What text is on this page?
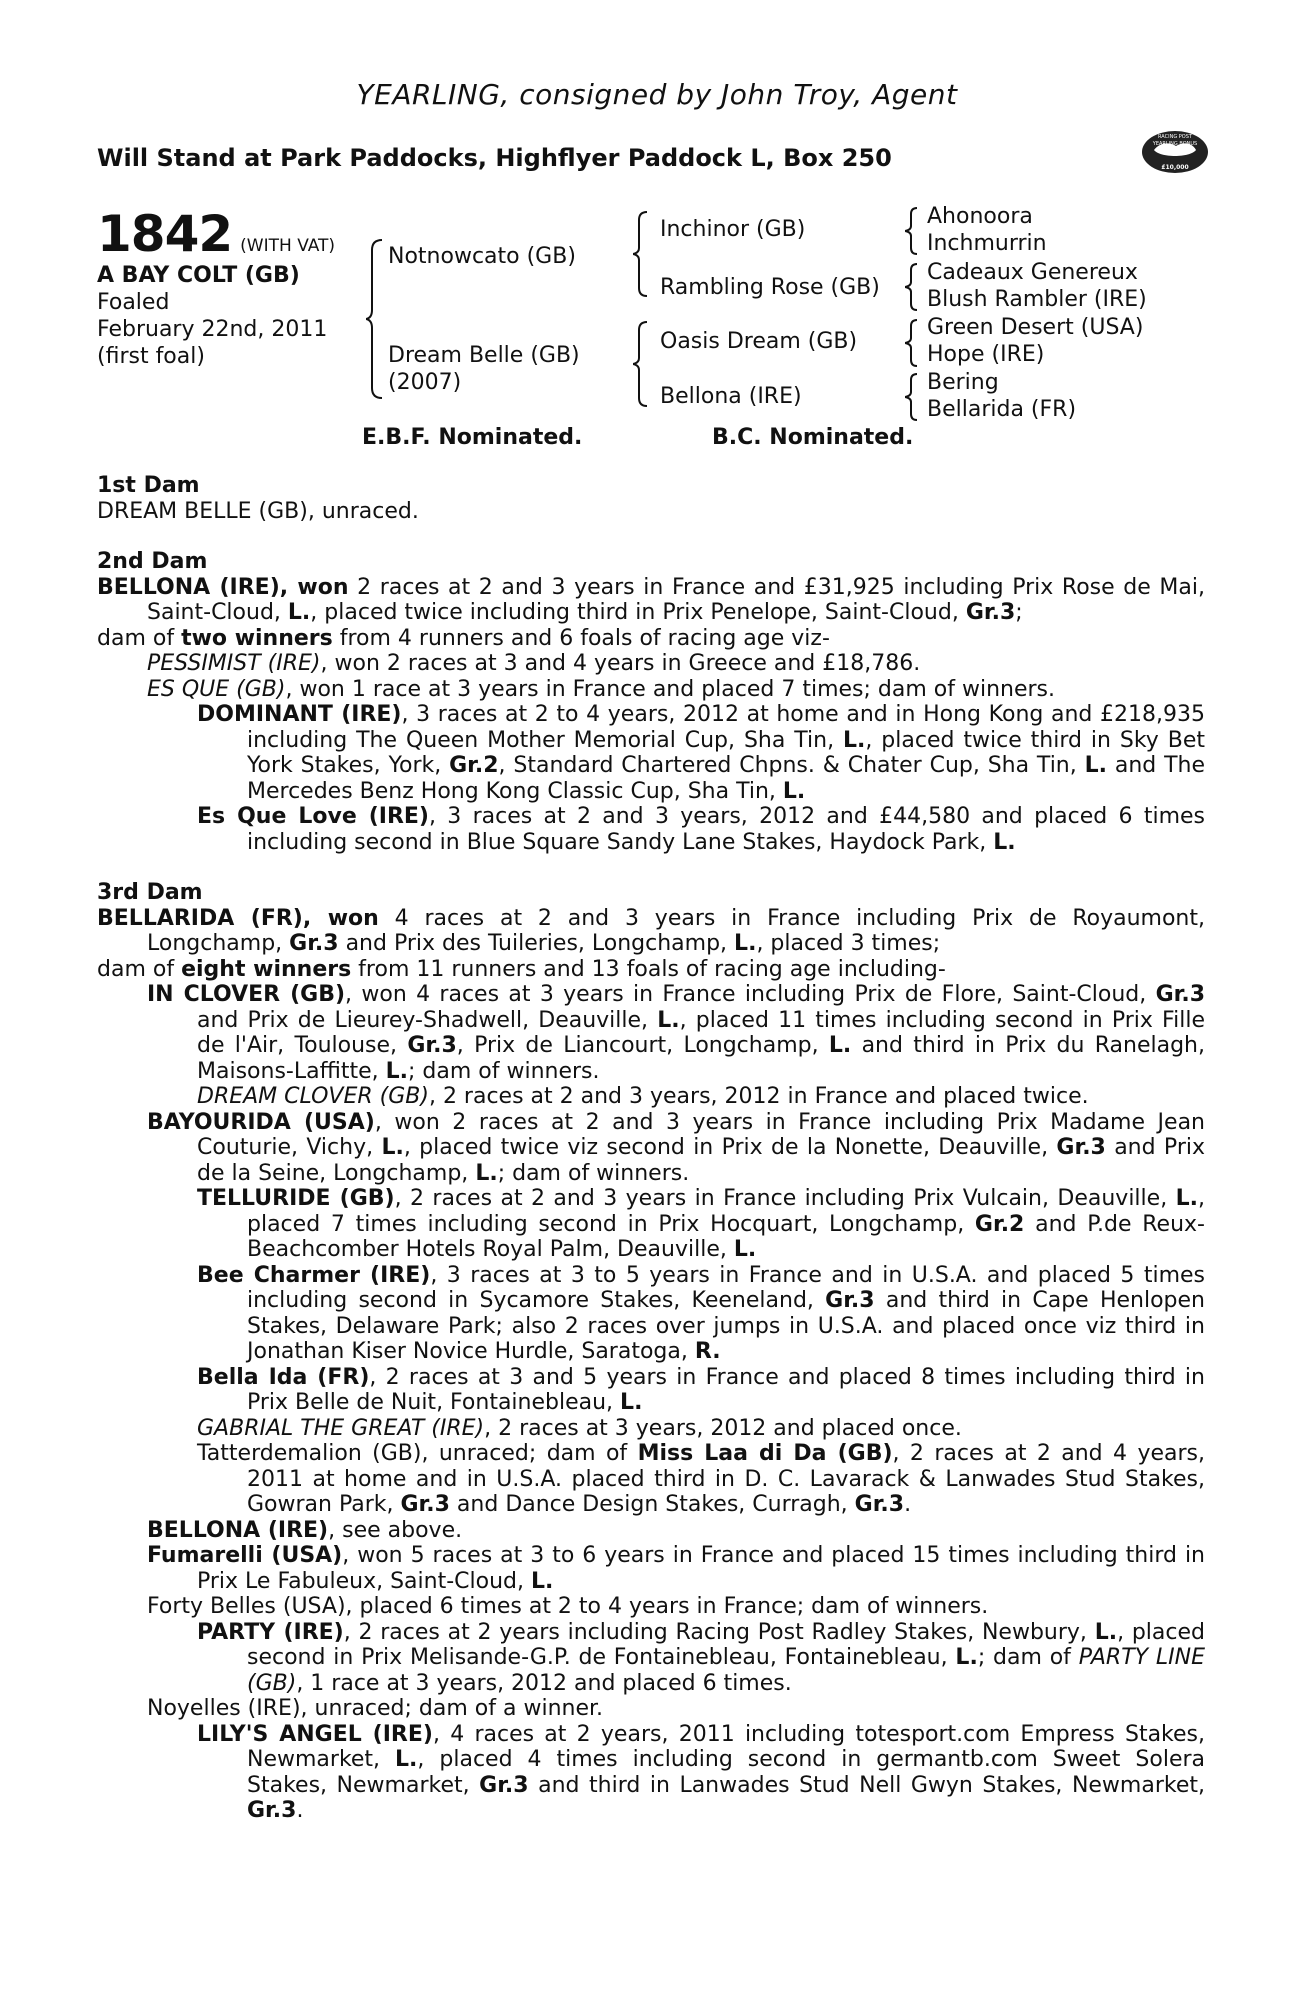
YEARLING, consigned by John Troy, Agent
Will Stand at Park Paddocks, Highflyer Paddock L, Box 250
RACING POST
YEARLING BONUS
£10,000
1842 (WITH VAT)
A BAY COLT (GB)
Foaled
February 22nd, 2011
(first foal)
Notnowcato (GB)
Dream Belle (GB)
(2007)
Inchinor (GB)
Rambling Rose (GB)
Oasis Dream (GB)
Bellona (IRE)
Ahonoora
Inchmurrin
Cadeaux Genereux
Blush Rambler (IRE)
Green Desert (USA)
Hope (IRE)
Bering
Bellarida (FR)
E.B.F. Nominated.	B.C. Nominated.

1st Dam

DREAM BELLE (GB), unraced.

2nd Dam

BELLONA (IRE), won 2 races at 2 and 3 years in France and £31,925 including Prix Rose de Mai, Saint-Cloud, L., placed twice including third in Prix Penelope, Saint-Cloud, Gr.3;

dam of two winners from 4 runners and 6 foals of racing age viz-

PESSIMIST (IRE), won 2 races at 3 and 4 years in Greece and £18,786.

ES QUE (GB), won 1 race at 3 years in France and placed 7 times; dam of winners.

DOMINANT (IRE), 3 races at 2 to 4 years, 2012 at home and in Hong Kong and £218,935 including The Queen Mother Memorial Cup, Sha Tin, L., placed twice third in Sky Bet York Stakes, York, Gr.2, Standard Chartered Chpns. & Chater Cup, Sha Tin, L. and The Mercedes Benz Hong Kong Classic Cup, Sha Tin, L.

Es Que Love (IRE), 3 races at 2 and 3 years, 2012 and £44,580 and placed 6 times including second in Blue Square Sandy Lane Stakes, Haydock Park, L.

3rd Dam

BELLARIDA (FR), won 4 races at 2 and 3 years in France including Prix de Royaumont, Longchamp, Gr.3 and Prix des Tuileries, Longchamp, L., placed 3 times;

dam of eight winners from 11 runners and 13 foals of racing age including-

IN CLOVER (GB), won 4 races at 3 years in France including Prix de Flore, Saint-Cloud, Gr.3 and Prix de Lieurey-Shadwell, Deauville, L., placed 11 times including second in Prix Fille de l'Air, Toulouse, Gr.3, Prix de Liancourt, Longchamp, L. and third in Prix du Ranelagh, Maisons-Laffitte, L.; dam of winners.

DREAM CLOVER (GB), 2 races at 2 and 3 years, 2012 in France and placed twice.

BAYOURIDA (USA), won 2 races at 2 and 3 years in France including Prix Madame Jean Couturie, Vichy, L., placed twice viz second in Prix de la Nonette, Deauville, Gr.3 and Prix de la Seine, Longchamp, L.; dam of winners.

TELLURIDE (GB), 2 races at 2 and 3 years in France including Prix Vulcain, Deauville, L., placed 7 times including second in Prix Hocquart, Longchamp, Gr.2 and P.de Reux-Beachcomber Hotels Royal Palm, Deauville, L.

Bee Charmer (IRE), 3 races at 3 to 5 years in France and in U.S.A. and placed 5 times including second in Sycamore Stakes, Keeneland, Gr.3 and third in Cape Henlopen Stakes, Delaware Park; also 2 races over jumps in U.S.A. and placed once viz third in Jonathan Kiser Novice Hurdle, Saratoga, R.

Bella Ida (FR), 2 races at 3 and 5 years in France and placed 8 times including third in Prix Belle de Nuit, Fontainebleau, L.

GABRIAL THE GREAT (IRE), 2 races at 3 years, 2012 and placed once.

Tatterdemalion (GB), unraced; dam of Miss Laa di Da (GB), 2 races at 2 and 4 years, 2011 at home and in U.S.A. placed third in D. C. Lavarack & Lanwades Stud Stakes, Gowran Park, Gr.3 and Dance Design Stakes, Curragh, Gr.3.

BELLONA (IRE), see above.

Fumarelli (USA), won 5 races at 3 to 6 years in France and placed 15 times including third in Prix Le Fabuleux, Saint-Cloud, L.

Forty Belles (USA), placed 6 times at 2 to 4 years in France; dam of winners.

PARTY (IRE), 2 races at 2 years including Racing Post Radley Stakes, Newbury, L., placed second in Prix Melisande-G.P. de Fontainebleau, Fontainebleau, L.; dam of PARTY LINE (GB), 1 race at 3 years, 2012 and placed 6 times.

Noyelles (IRE), unraced; dam of a winner.

LILY'S ANGEL (IRE), 4 races at 2 years, 2011 including totesport.com Empress Stakes, Newmarket, L., placed 4 times including second in germantb.com Sweet Solera Stakes, Newmarket, Gr.3 and third in Lanwades Stud Nell Gwyn Stakes, Newmarket, Gr.3.
